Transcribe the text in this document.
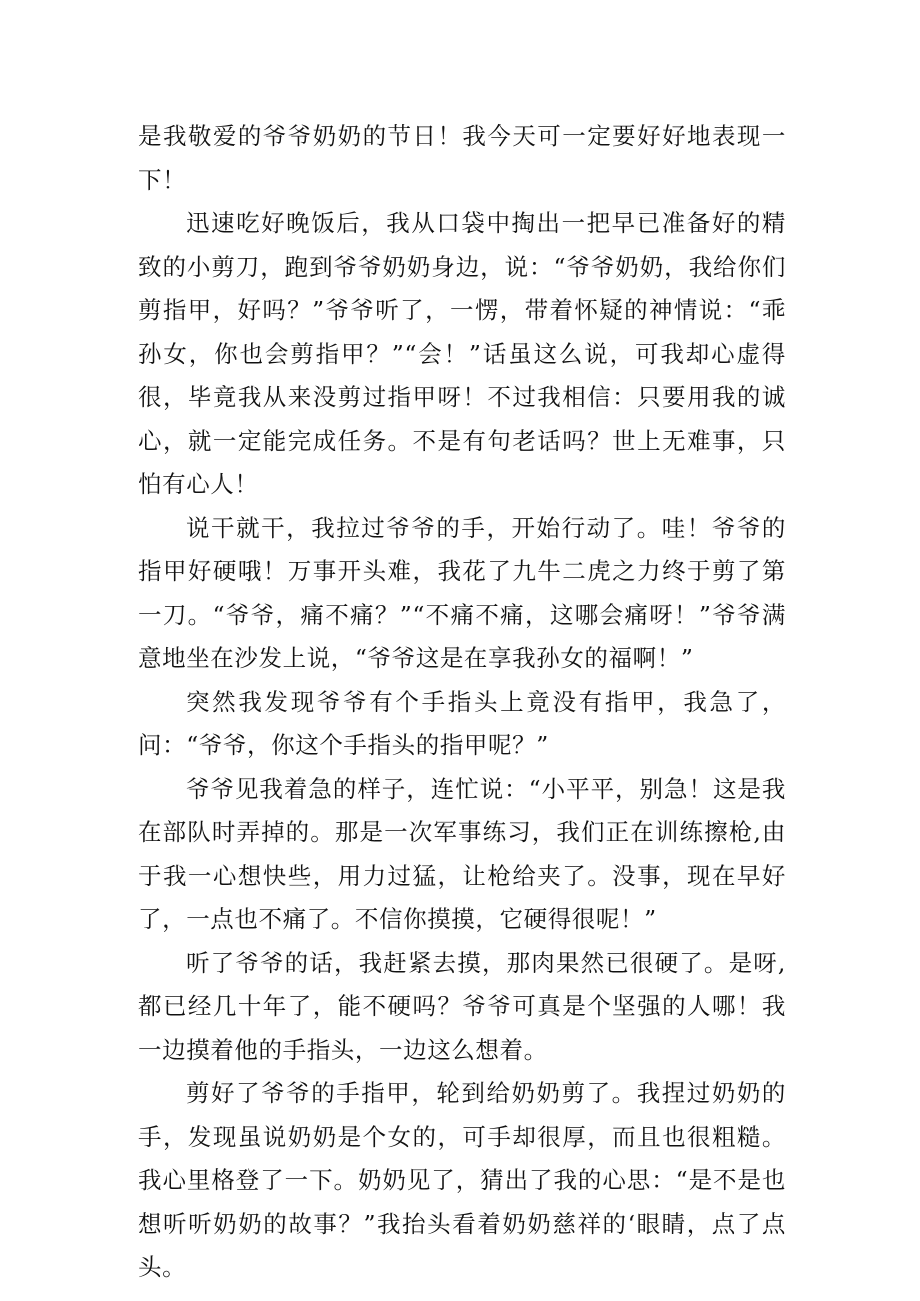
是我敬爱的爷爷奶奶的节日！我今天可一定要好好地表现一下！

迅速吃好晚饭后，我从口袋中掏出一把早已准备好的精致的小剪刀，跑到爷爷奶奶身边，说：“爷爷奶奶，我给你们剪指甲，好吗？”爷爷听了，一愣，带着怀疑的神情说：“乖孙女，你也会剪指甲？”“会！”话虽这么说，可我却心虚得很，毕竟我从来没剪过指甲呀！不过我相信：只要用我的诚心，就一定能完成任务。不是有句老话吗？世上无难事，只怕有心人！

说干就干，我拉过爷爷的手，开始行动了。哇！爷爷的指甲好硬哦！万事开头难，我花了九牛二虎之力终于剪了第一刀。“爷爷，痛不痛？”“不痛不痛，这哪会痛呀！”爷爷满意地坐在沙发上说，“爷爷这是在享我孙女的福啊！”

突然我发现爷爷有个手指头上竟没有指甲，我急了，问：“爷爷，你这个手指头的指甲呢？”

爷爷见我着急的样子，连忙说：“小平平，别急！这是我在部队时弄掉的。那是一次军事练习，我们正在训练擦枪,由于我一心想快些，用力过猛，让枪给夹了。没事，现在早好了，一点也不痛了。不信你摸摸，它硬得很呢！”

听了爷爷的话，我赶紧去摸，那肉果然已很硬了。是呀,都已经几十年了，能不硬吗？爷爷可真是个坚强的人哪！我一边摸着他的手指头，一边这么想着。

剪好了爷爷的手指甲，轮到给奶奶剪了。我捏过奶奶的手，发现虽说奶奶是个女的，可手却很厚，而且也很粗糙。我心里格登了一下。奶奶见了，猜出了我的心思：“是不是也想听听奶奶的故事？”我抬头看着奶奶慈祥的‘眼睛，点了点头。
